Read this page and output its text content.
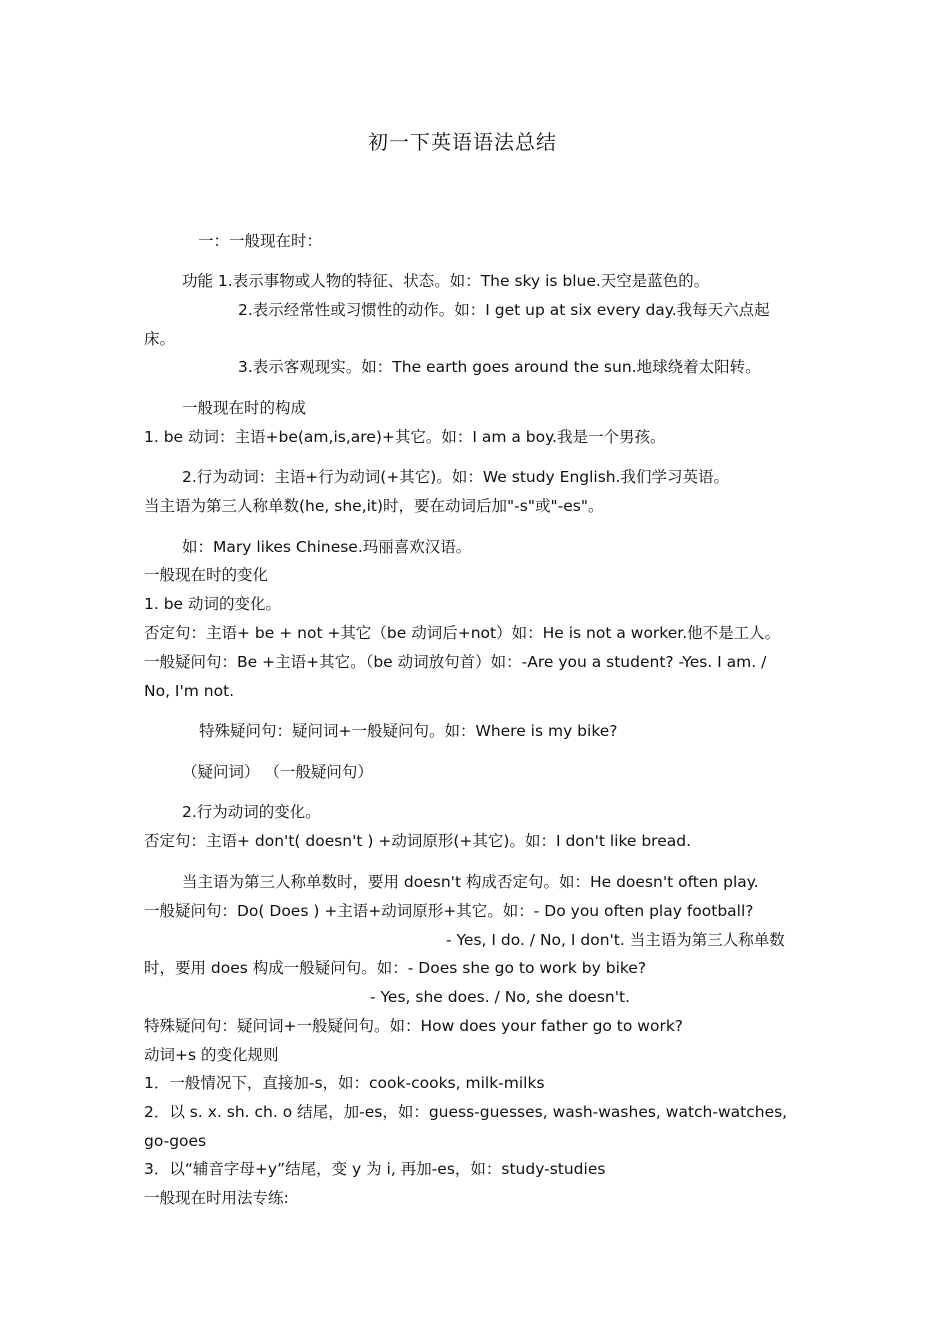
初一下英语语法总结
一：一般现在时：
功能 1.表示事物或人物的特征、状态。如：The sky is blue.天空是蓝色的。
2.表示经常性或习惯性的动作。如：I get up at six every day.我每天六点起
床。
3.表示客观现实。如：The earth goes around the sun.地球绕着太阳转。
一般现在时的构成
1. be 动词：主语+be(am,is,are)+其它。如：I am a boy.我是一个男孩。
2.行为动词：主语+行为动词(+其它)。如：We study English.我们学习英语。
当主语为第三人称单数(he, she,it)时，要在动词后加"-s"或"-es"。
如：Mary likes Chinese.玛丽喜欢汉语。
一般现在时的变化
1. be 动词的变化。
否定句：主语+ be + not +其它（be 动词后+not）如：He is not a worker.他不是工人。
一般疑问句：Be +主语+其它。（be 动词放句首）如：-Are you a student? -Yes. I am. /
No, I'm not.
特殊疑问句：疑问词+一般疑问句。如：Where is my bike?
（疑问词） （一般疑问句）
2.行为动词的变化。
否定句：主语+ don't( doesn't ) +动词原形(+其它)。如：I don't like bread.
当主语为第三人称单数时，要用 doesn't 构成否定句。如：He doesn't often play.
一般疑问句：Do( Does ) +主语+动词原形+其它。如：- Do you often play football?
- Yes, I do. / No, I don't. 当主语为第三人称单数
时，要用 does 构成一般疑问句。如：- Does she go to work by bike?
- Yes, she does. / No, she doesn't.
特殊疑问句：疑问词+一般疑问句。如：How does your father go to work?
动词+s 的变化规则
1．一般情况下，直接加-s，如：cook-cooks, milk-milks
2．以 s. x. sh. ch. o 结尾，加-es，如：guess-guesses, wash-washes, watch-watches,
go-goes
3．以“辅音字母+y”结尾，变 y 为 i, 再加-es，如：study-studies
一般现在时用法专练:
